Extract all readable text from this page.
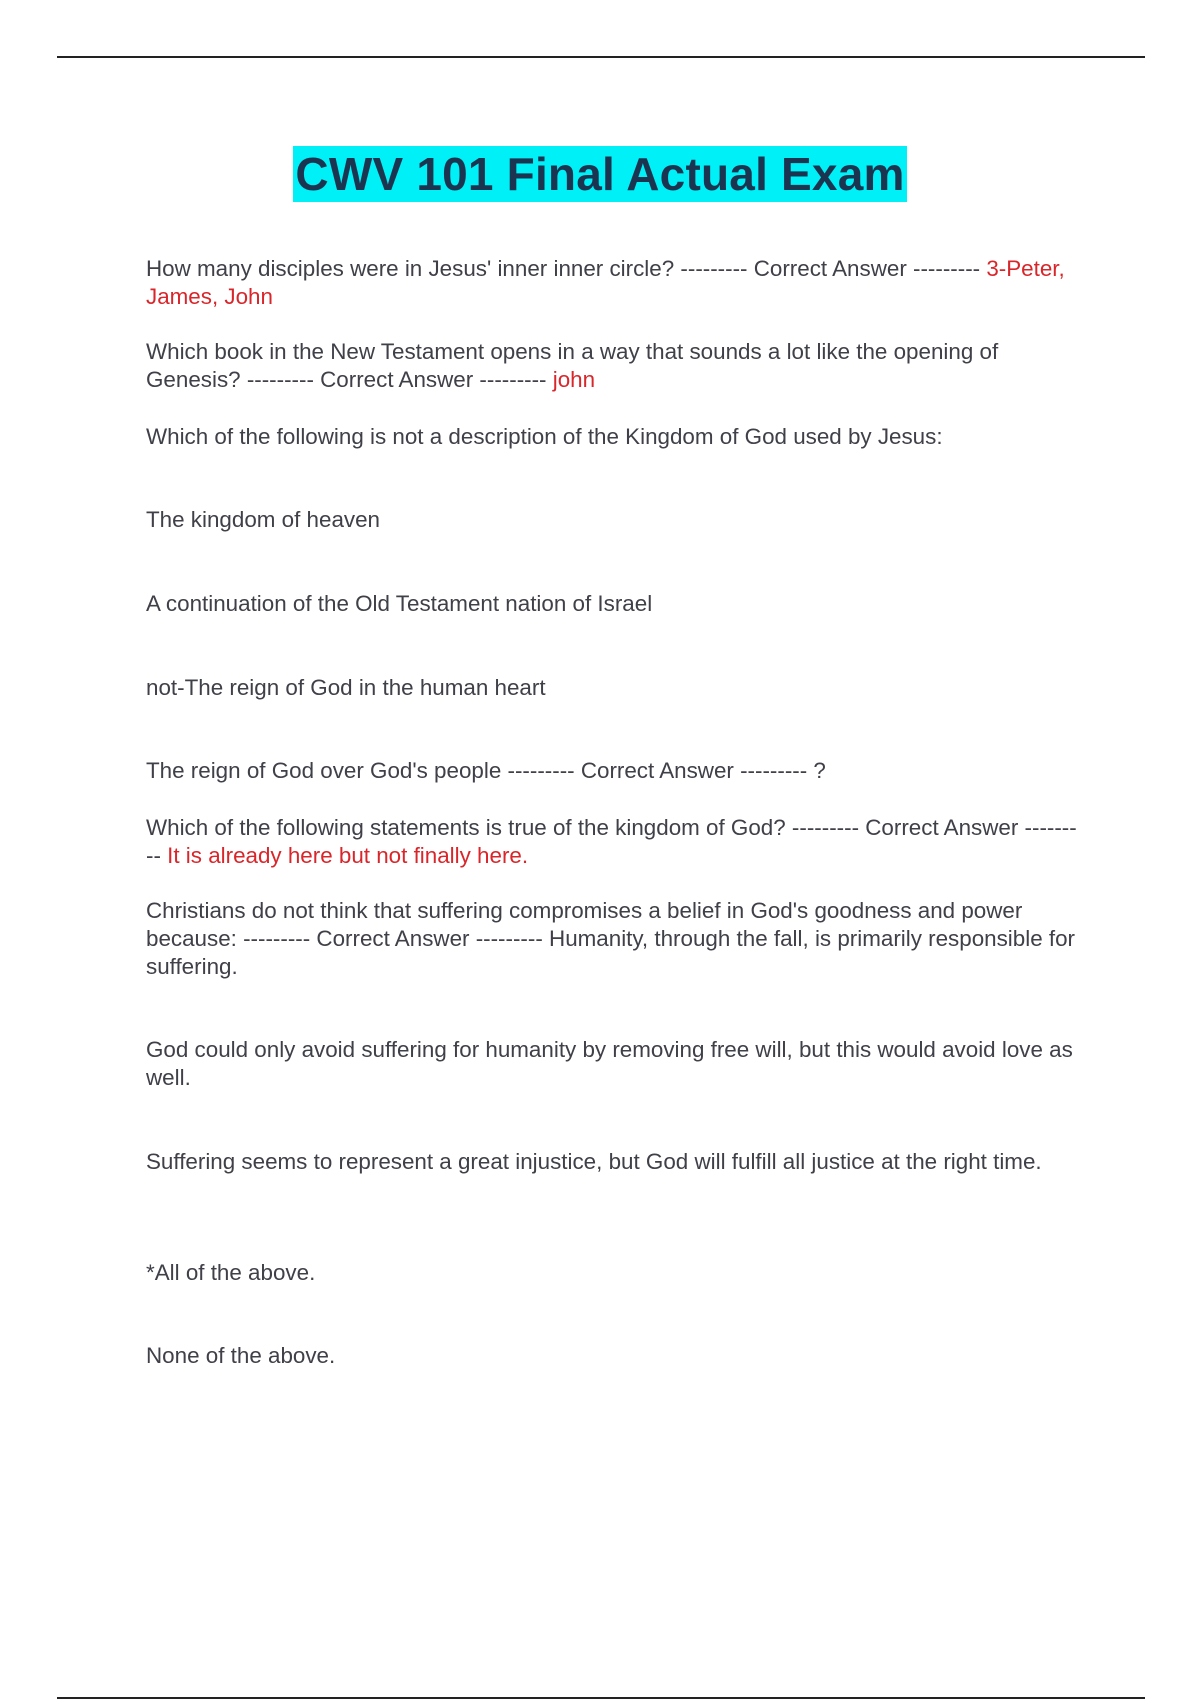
CWV 101 Final Actual Exam

How many disciples were in Jesus' inner inner circle? --------- Correct Answer --------- 3-Peter, James, John

Which book in the New Testament opens in a way that sounds a lot like the opening of Genesis? --------- Correct Answer --------- john

Which of the following is not a description of the Kingdom of God used by Jesus:

The kingdom of heaven

A continuation of the Old Testament nation of Israel

not-The reign of God in the human heart

The reign of God over God's people --------- Correct Answer --------- ?

Which of the following statements is true of the kingdom of God? --------- Correct Answer --------- It is already here but not finally here.

Christians do not think that suffering compromises a belief in God's goodness and power because: --------- Correct Answer --------- Humanity, through the fall, is primarily responsible for suffering.

God could only avoid suffering for humanity by removing free will, but this would avoid love as well.

Suffering seems to represent a great injustice, but God will fulfill all justice at the right time.

*All of the above.

None of the above.
